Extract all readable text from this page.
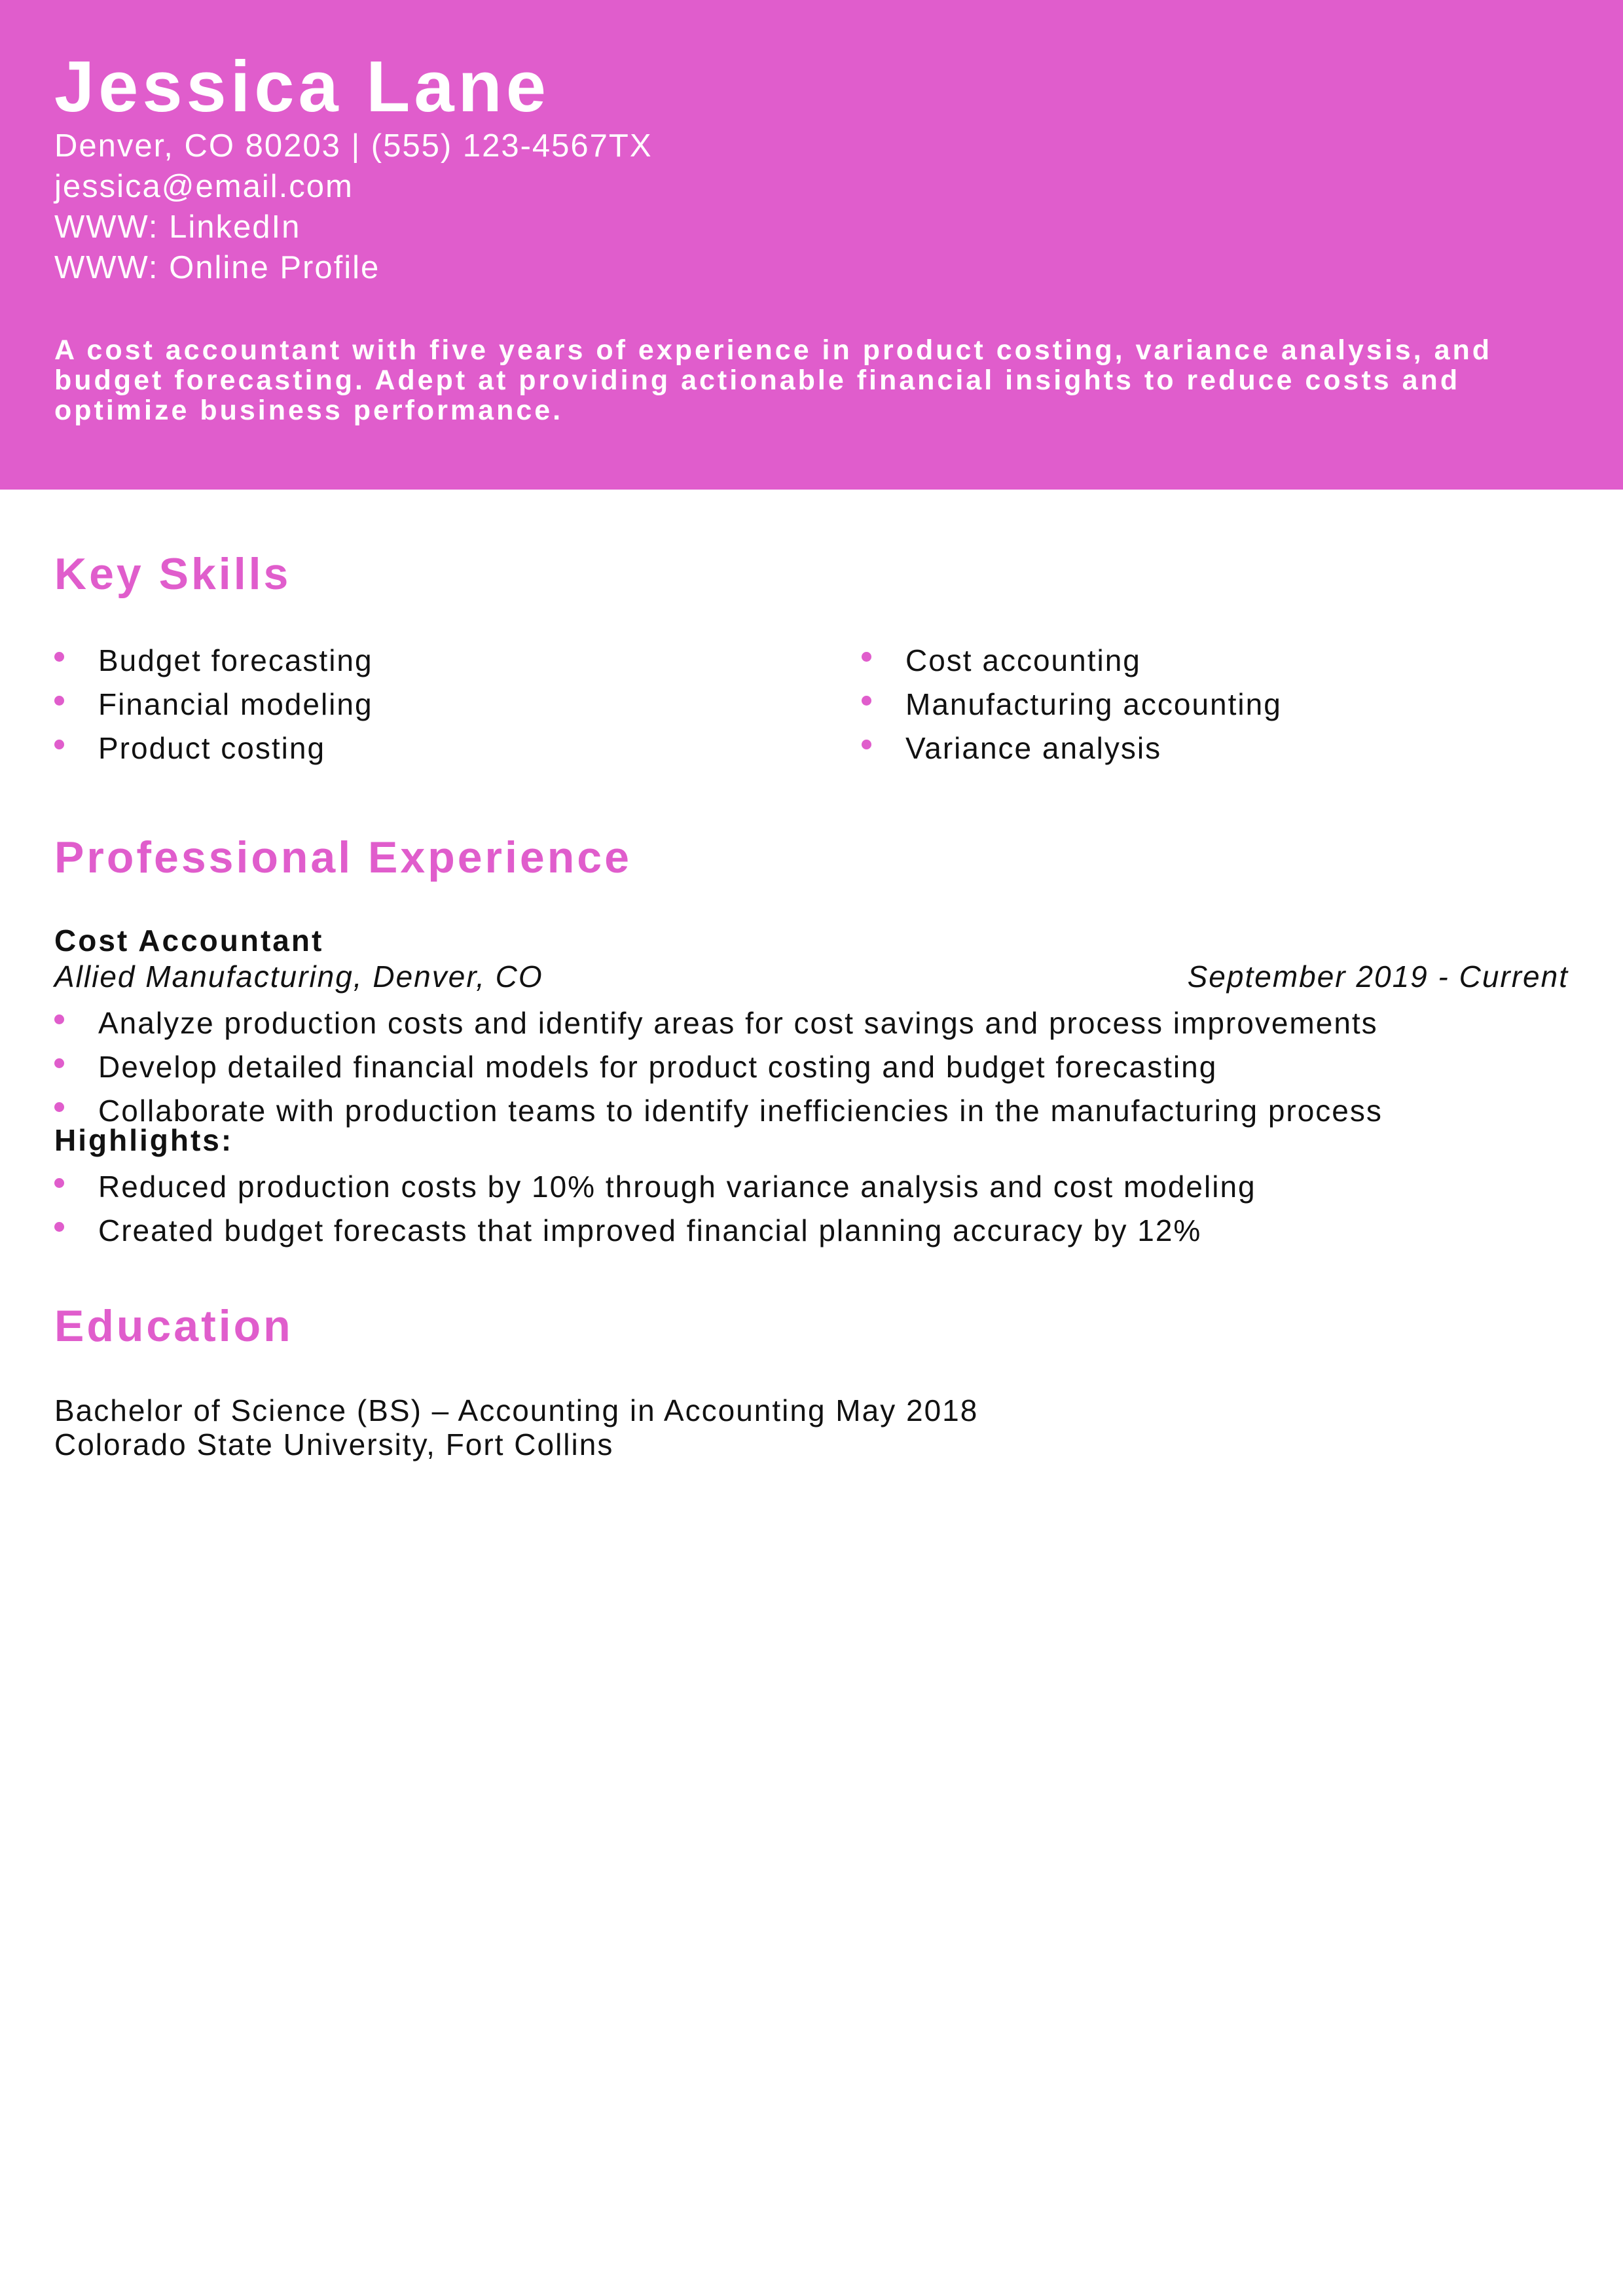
Jessica Lane
Denver, CO 80203 | (555) 123-4567TX
jessica@email.com
WWW: LinkedIn
WWW: Online Profile

A cost accountant with five years of experience in product costing, variance analysis, and budget forecasting. Adept at providing actionable financial insights to reduce costs and optimize business performance.

Key Skills
Budget forecasting
Financial modeling
Product costing
Cost accounting
Manufacturing accounting
Variance analysis
Professional Experience
Cost Accountant
Allied Manufacturing, Denver, CO	September 2019 - Current
Analyze production costs and identify areas for cost savings and process improvements
Develop detailed financial models for product costing and budget forecasting
Collaborate with production teams to identify inefficiencies in the manufacturing process
Highlights:
Reduced production costs by 10% through variance analysis and cost modeling
Created budget forecasts that improved financial planning accuracy by 12%
Education
Bachelor of Science (BS) – Accounting in Accounting May 2018
Colorado State University, Fort Collins
